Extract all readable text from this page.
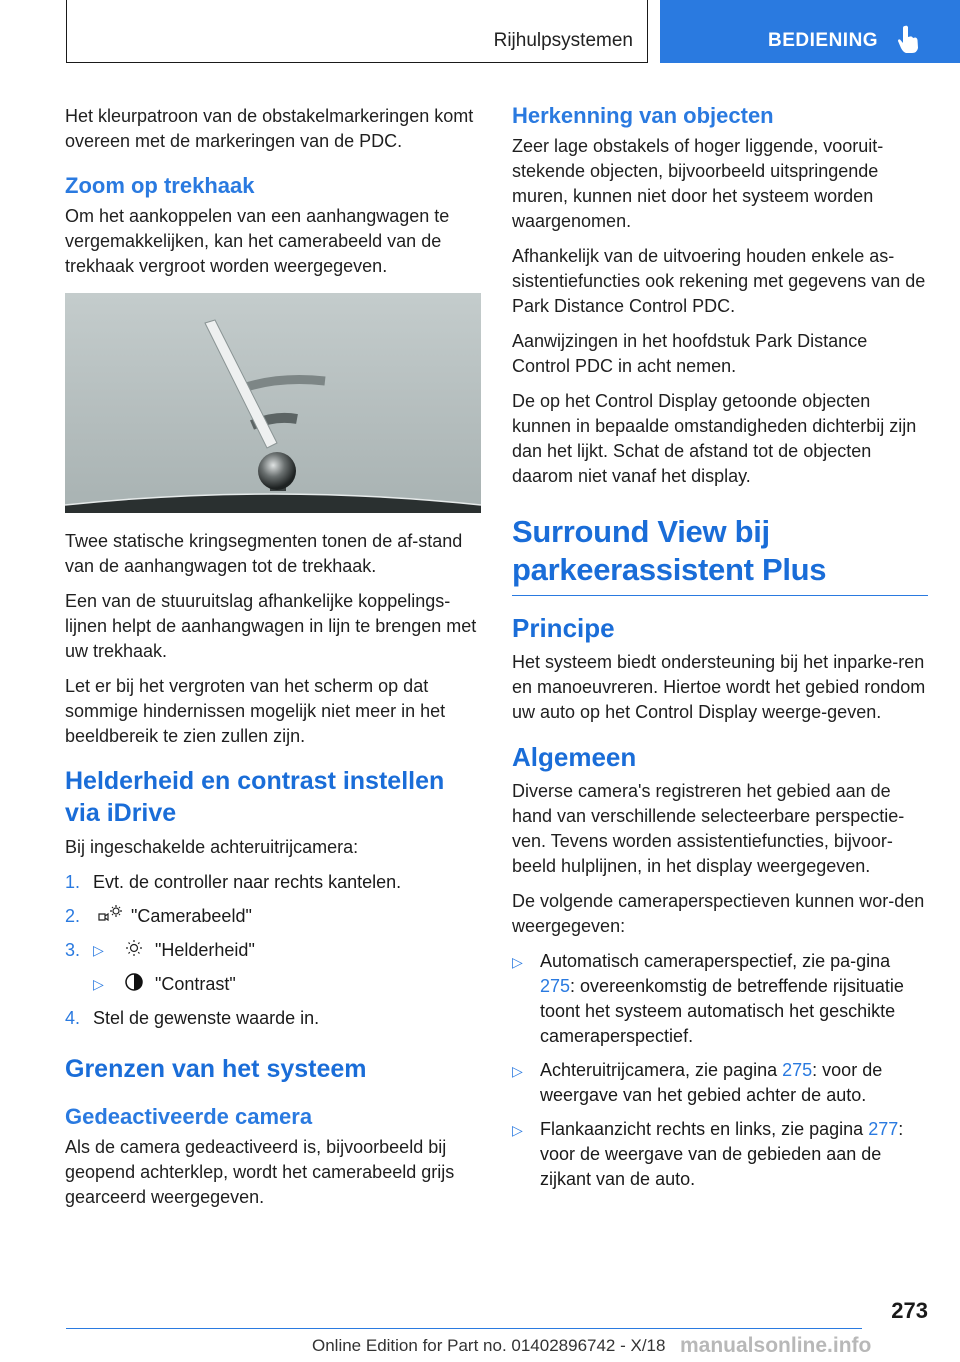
Rijhulpsystemen	BEDIENING

Het kleurpatroon van de obstakelmarkeringen komt overeen met de markeringen van de PDC.

Zoom op trekhaak

Om het aankoppelen van een aanhangwagen te vergemakkelijken, kan het camerabeeld van de trekhaak vergroot worden weergegeven.

Twee statische kringsegmenten tonen de af-stand van de aanhangwagen tot de trekhaak.

Een van de stuuruitslag afhankelijke koppelings-lijnen helpt de aanhangwagen in lijn te brengen met uw trekhaak.

Let er bij het vergroten van het scherm op dat sommige hindernissen mogelijk niet meer in het beeldbereik te zien zullen zijn.

Helderheid en contrast instellen via iDrive

Bij ingeschakelde achteruitrijcamera:

1. Evt. de controller naar rechts kantelen.
2.	"Camerabeeld"
3. ▷	"Helderheid"
▷	"Contrast"
4. Stel de gewenste waarde in.
Grenzen van het systeem
Gedeactiveerde camera

Als de camera gedeactiveerd is, bijvoorbeeld bij geopend achterklep, wordt het camerabeeld grijs gearceerd weergegeven.

Herkenning van objecten

Zeer lage obstakels of hoger liggende, vooruit-stekende objecten, bijvoorbeeld uitspringende muren, kunnen niet door het systeem worden waargenomen.

Afhankelijk van de uitvoering houden enkele as-sistentiefuncties ook rekening met gegevens van de Park Distance Control PDC.

Aanwijzingen in het hoofdstuk Park Distance Control PDC in acht nemen.

De op het Control Display getoonde objecten kunnen in bepaalde omstandigheden dichterbij zijn dan het lijkt. Schat de afstand tot de objecten daarom niet vanaf het display.

Surround View bij parkeerassistent Plus
Principe

Het systeem biedt ondersteuning bij het inparke-ren en manoeuvreren. Hiertoe wordt het gebied rondom uw auto op het Control Display weerge-geven.

Algemeen

Diverse camera's registreren het gebied aan de hand van verschillende selecteerbare perspectie-ven. Tevens worden assistentiefuncties, bijvoor-beeld hulplijnen, in het display weergegeven.

De volgende cameraperspectieven kunnen wor-den weergegeven:

▷ Automatisch cameraperspectief, zie pa-gina 275: overeenkomstig de betreffende rijsituatie toont het systeem automatisch het geschikte cameraperspectief.
▷ Achteruitrijcamera, zie pagina 275: voor de weergave van het gebied achter de auto.
▷ Flankaanzicht rechts en links, zie pagina 277: voor de weergave van de gebieden aan de zijkant van de auto.
273
Online Edition for Part no. 01402896742 - X/18 manualsonline.info
